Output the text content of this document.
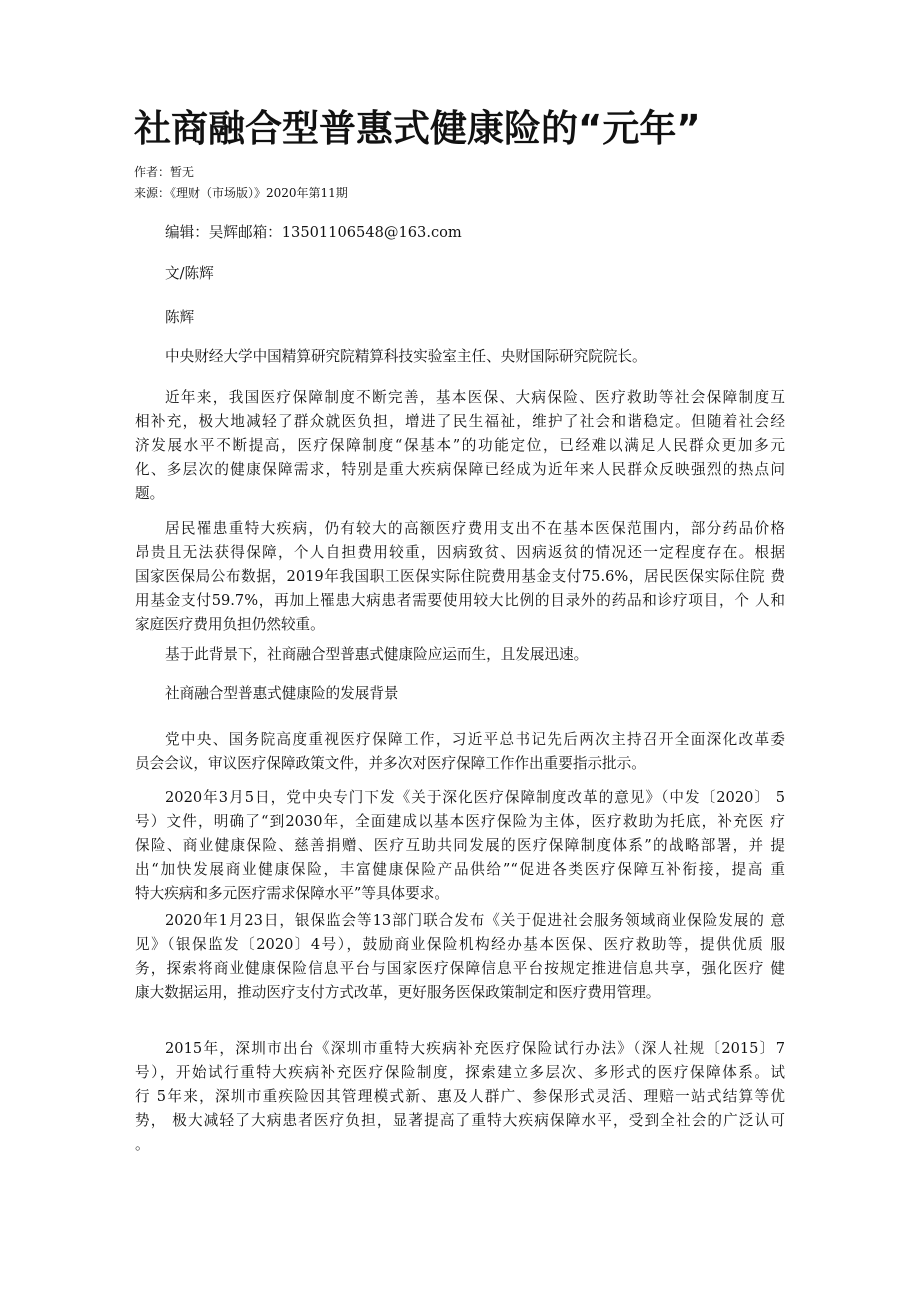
社商融合型普惠式健康险的“元年”
作者：暂无
来源：《理财（市场版）》2020年第11期
编辑：吴辉邮箱：13501106548@163.com
文/陈辉
陈辉
中央财经大学中国精算研究院精算科技实验室主任、央财国际研究院院长。
近年来，我国医疗保障制度不断完善，基本医保、大病保险、医疗救助等社会保障制度互
相补充，极大地减轻了群众就医负担，增进了民生福祉，维护了社会和谐稳定。但随着社会经
济发展水平不断提高，医疗保障制度“保基本”的功能定位，已经难以满足人民群众更加多元
化、多层次的健康保障需求，特别是重大疾病保障已经成为近年来人民群众反映强烈的热点问
题。
居民罹患重特大疾病，仍有较大的高额医疗费用支出不在基本医保范围内，部分药品价格
昂贵且无法获得保障，个人自担费用较重，因病致贫、因病返贫的情况还一定程度存在。根据
国家医保局公布数据，2019年我国职工医保实际住院费用基金支付75.6%，居民医保实际住院 费
用基金支付59.7%，再加上罹患大病患者需要使用较大比例的目录外的药品和诊疗项目，个 人和
家庭医疗费用负担仍然较重。
基于此背景下，社商融合型普惠式健康险应运而生，且发展迅速。
社商融合型普惠式健康险的发展背景
党中央、国务院高度重视医疗保障工作，习近平总书记先后两次主持召开全面深化改革委
员会会议，审议医疗保障政策文件，并多次对医疗保障工作作出重要指示批示。
2020年3月5日，党中央专门下发《关于深化医疗保障制度改革的意见》（中发〔2020〕 5
号）文件，明确了“到2030年，全面建成以基本医疗保险为主体，医疗救助为托底，补充医 疗
保险、商业健康保险、慈善捐赠、医疗互助共同发展的医疗保障制度体系”的战略部署，并 提
出“加快发展商业健康保险，丰富健康保险产品供给”“促进各类医疗保障互补衔接，提高 重
特大疾病和多元医疗需求保障水平”等具体要求。
2020年1月23日，银保监会等13部门联合发布《关于促进社会服务领域商业保险发展的 意
见》（银保监发〔2020〕4号），鼓励商业保险机构经办基本医保、医疗救助等，提供优质 服
务，探索将商业健康保险信息平台与国家医疗保障信息平台按规定推进信息共享，强化医疗 健
康大数据运用，推动医疗支付方式改革，更好服务医保政策制定和医疗费用管理。
2015年，深圳市出台《深圳市重特大疾病补充医疗保险试行办法》（深人社规〔2015〕7
号），开始试行重特大疾病补充医疗保险制度，探索建立多层次、多形式的医疗保障体系。试
行 5年来，深圳市重疾险因其管理模式新、惠及人群广、参保形式灵活、理赔一站式结算等优
势， 极大减轻了大病患者医疗负担，显著提高了重特大疾病保障水平，受到全社会的广泛认可
。
